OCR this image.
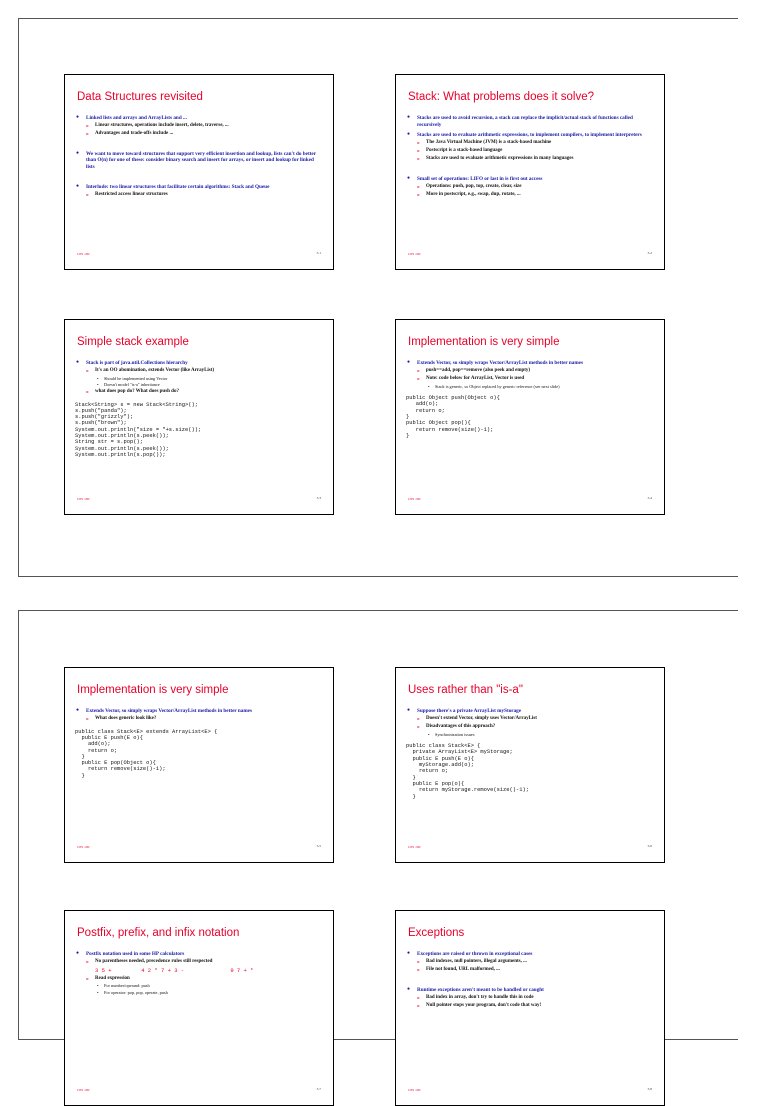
Data Structures revisited
● Linked lists and arrays and ArrayLists and ...
» Linear structures, operations include insert, delete, traverse, ...
» Advantages and trade-offs include ...
● We want to move toward structures that support very efficient insertion and lookup, lists can't do better than O(n) for one of these: consider binary search and insert for arrays, or insert and lookup for linked lists
● Interlude: two linear structures that facilitate certain algorithms: Stack and Queue
» Restricted access linear structures
CPS 100	5.1
Stack: What problems does it solve?
● Stacks are used to avoid recursion, a stack can replace the implicit/actual stack of functions called recursively
● Stacks are used to evaluate arithmetic expressions, to implement compilers, to implement interpreters
» The Java Virtual Machine (JVM) is a stack-based machine
» Postscript is a stack-based language
» Stacks are used to evaluate arithmetic expressions in many languages
● Small set of operations: LIFO or last in is first out access
» Operations: push, pop, top, create, clear, size
» More in postscript, e.g., swap, dup, rotate, ...
CPS 100	5.2
Simple stack example
● Stack is part of java.util.Collections hierarchy
» It's an OO abomination, extends Vector (like ArrayList)
• Should be implemented using Vector
• Doesn't model "is-a" inheritance
» what does pop do? What does push do?
Stack<String> s = new Stack<String>();
s.push("panda");
s.push("grizzly");
s.push("brown");
System.out.println("size = "+s.size());
System.out.println(s.peek());
String str = s.pop();
System.out.println(s.peek());
System.out.println(s.pop());
CPS 100	5.3
Implementation is very simple
● Extends Vector, so simply wraps Vector/ArrayList methods in better names
» push==add, pop==remove (also peek and empty)
» Note: code below for ArrayList, Vector is used
• Stack is generic, so Object replaced by generic reference (see next slide)
public Object push(Object o){
add(o);
return o;
}
public Object pop(){
return remove(size()-1);
}
CPS 100	5.4
Implementation is very simple
● Extends Vector, so simply wraps Vector/ArrayList methods in better names
» What does generic look like?
public class Stack<E> extends ArrayList<E> {
public E push(E o){
add(o);
return o;
}
public E pop(Object o){
return remove(size()-1);
}
CPS 100	5.5
Uses rather than "is-a"
● Suppose there's a private ArrayList myStorage
» Doesn't extend Vector, simply uses Vector/ArrayList
» Disadvantages of this approach?
• Synchronization issues
public class Stack<E> {
private ArrayList<E> myStorage;
public E push(E o){
myStorage.add(o);
return o;
}
public E pop(o){
return myStorage.remove(size()-1);
}
CPS 100	5.6
Postfix, prefix, and infix notation
● Postfix notation used in some HP calculators
» No parentheses needed, precedence rules still respected
3 5 +         4 2 * 7 + 3 -              9 7 + *
» Read expression
• For number/operand: push
• For operator: pop, pop, operate, push
CPS 100	5.7
Exceptions
● Exceptions are raised or thrown in exceptional cases
» Bad indexes, null pointers, illegal arguments, ...
» File not found, URL malformed, ...
● Runtime exceptions aren't meant to be handled or caught
» Bad index in array, don't try to handle this in code
» Null pointer stops your program, don't code that way!
CPS 100	5.8
